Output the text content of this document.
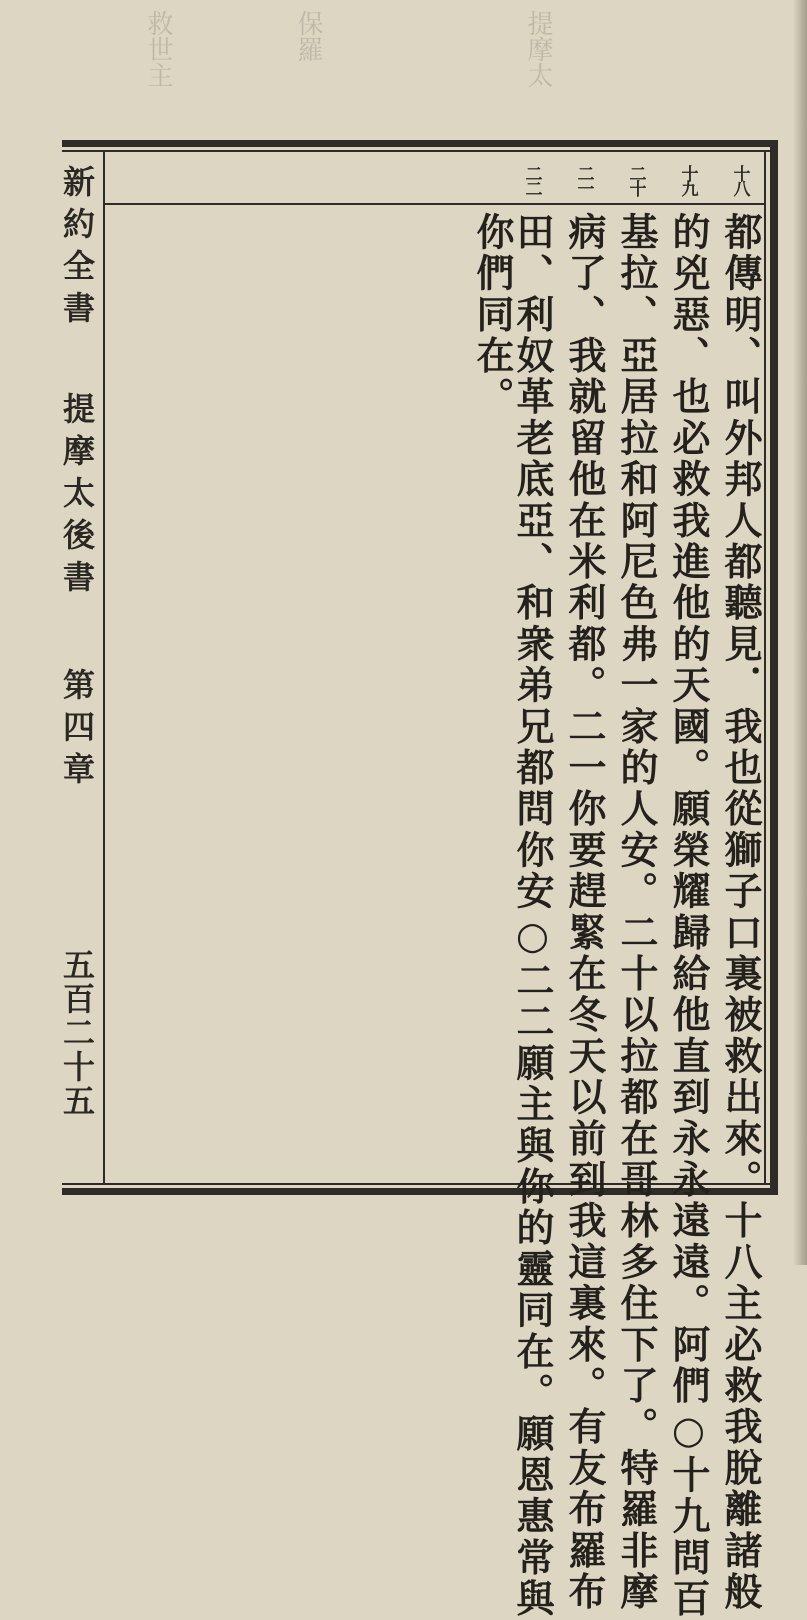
救世主	保羅	提摩太
新約全書
提摩太後書
第四章
五百二十五
十八
十九
二十
二一
二二
都傳明、叫外邦人都聽見．我也從獅子口裏被救出來。十八主必救我脫離諸般
的兇惡、也必救我進他的天國。願榮耀歸給他直到永永遠遠。阿們○十九問百
基拉、亞居拉和阿尼色弗一家的人安。二十以拉都在哥林多住下了。特羅非摩
病了、我就留他在米利都。二一你要趕緊在冬天以前到我這裏來。有友布羅布
田、利奴革老底亞、和衆弟兄都問你安○二二願主與你的靈同在。願恩惠常與
你們同在。
